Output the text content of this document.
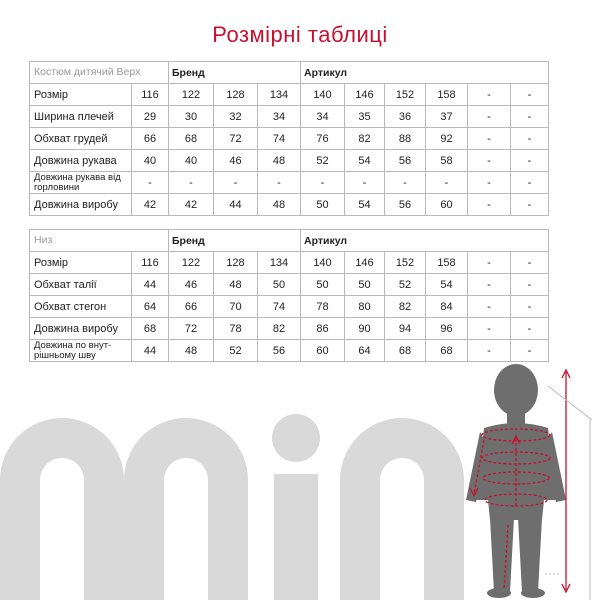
Розмірні таблиці
Костюм дитячий Верх		Бренд			Артикул					
Розмір	116	122	128	134	140	146	152	158	-	-
Ширина плечей	29	30	32	34	34	35	36	37	-	-
Обхват грудей	66	68	72	74	76	82	88	92	-	-
Довжина рукава	40	40	46	48	52	54	56	58	-	-
Довжина рукава від горловини	-	-	-	-	-	-	-	-	-	-
Довжина виробу	42	42	44	48	50	54	56	60	-	-
Низ		Бренд			Артикул					
Розмір	116	122	128	134	140	146	152	158	-	-
Обхват талії	44	46	48	50	50	50	52	54	-	-
Обхват стегон	64	66	70	74	78	80	82	84	-	-
Довжина виробу	68	72	78	82	86	90	94	96	-	-
Довжина по внут-рішньому шву	44	48	52	56	60	64	68	68	-	-
